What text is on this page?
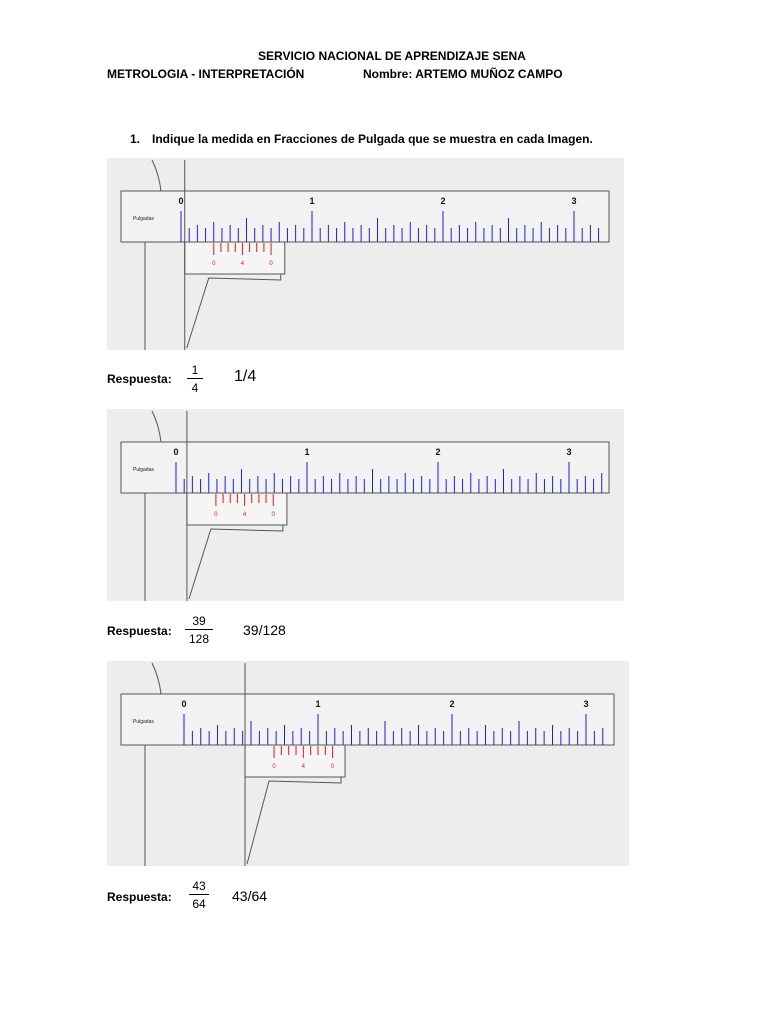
SERVICIO NACIONAL DE APRENDIZAJE SENA
METROLOGIA - INTERPRETACIÓN	Nombre: ARTEMO MUÑOZ CAMPO
1. Indique la medida en Fracciones de Pulgada que se muestra en cada Imagen.
Pulgadas
0	1	2	3
0	4	0
Respuesta: $\frac{1}{4} 1/4$
Pulgadas
0	1	2	3
0	4	0
Respuesta: $\frac{39}{128} 39/128$
Pulgadas
0	1	2	3
0	4	0
Respuesta: $\frac{43}{64} 43/64$
